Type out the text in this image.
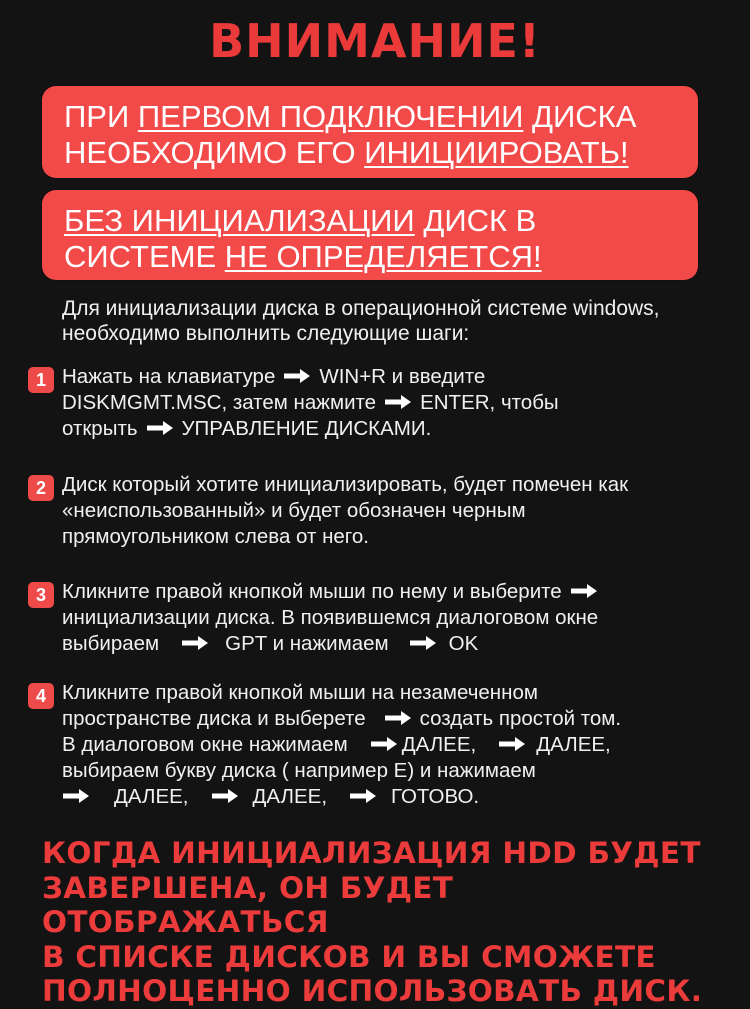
ВНИМАНИЕ!
ПРИ ПЕРВОМ ПОДКЛЮЧЕНИИ ДИСКА НЕОБХОДИМО ЕГО ИНИЦИИРОВАТЬ!
БЕЗ ИНИЦИАЛИЗАЦИИ ДИСК В СИСТЕМЕ НЕ ОПРЕДЕЛЯЕТСЯ!
Для инициализации диска в операционной системе windows,
необходимо выполнить следующие шаги:
1 Нажать на клавиатуре WIN+R и введите
DISKMGMT.MSC, затем нажмите ENTER, чтобы
открыть УПРАВЛЕНИЕ ДИСКАМИ.
2 Диск который хотите инициализировать, будет помечен как
«неиспользованный» и будет обозначен черным
прямоугольником слева от него.
3 Кликните правой кнопкой мыши по нему и выберите
инициализации диска. В появившемся диалоговом окне
выбираем	GPT и нажимаем	OK
4 Кликните правой кнопкой мыши на незамеченном
пространстве диска и выберете	создать простой том.
В диалоговом окне нажимаем	ДАЛЕЕ,	ДАЛЕЕ,
выбираем букву диска ( например Е) и нажимаем
ДАЛЕЕ,	ДАЛЕЕ,	ГОТОВО.
КОГДА ИНИЦИАЛИЗАЦИЯ HDD БУДЕТ
ЗАВЕРШЕНА, ОН БУДЕТ ОТОБРАЖАТЬСЯ
В СПИСКЕ ДИСКОВ И ВЫ СМОЖЕТЕ
ПОЛНОЦЕННО ИСПОЛЬЗОВАТЬ ДИСК.
